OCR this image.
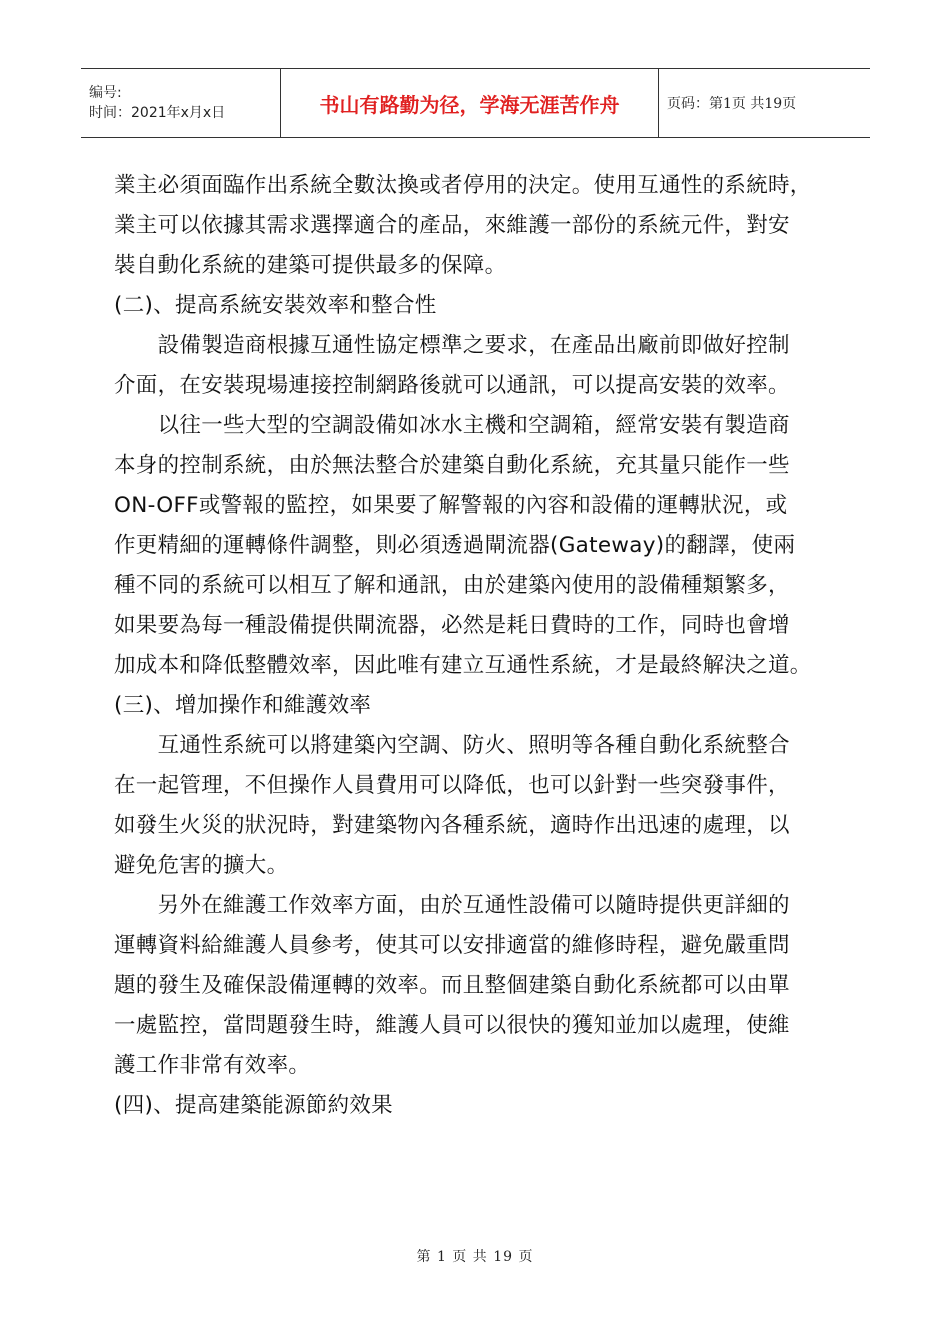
编号:
时间：2021年x月x日	书山有路勤为径，学海无涯苦作舟	页码：第1页 共19页
業主必須面臨作出系統全數汰換或者停用的決定。使用互通性的系統時，
業主可以依據其需求選擇適合的產品，來維護一部份的系統元件，對安
裝自動化系統的建築可提供最多的保障。
(二)、提高系統安裝效率和整合性
　　設備製造商根據互通性協定標準之要求，在產品出廠前即做好控制
介面，在安裝現場連接控制網路後就可以通訊，可以提高安裝的效率。
　　以往一些大型的空調設備如冰水主機和空調箱，經常安裝有製造商
本身的控制系統，由於無法整合於建築自動化系統，充其量只能作一些
ON-OFF或警報的監控，如果要了解警報的內容和設備的運轉狀況，或
作更精細的運轉條件調整，則必須透過閘流器(Gateway)的翻譯，使兩
種不同的系統可以相互了解和通訊，由於建築內使用的設備種類繁多，
如果要為每一種設備提供閘流器，必然是耗日費時的工作，同時也會增
加成本和降低整體效率，因此唯有建立互通性系統，才是最終解決之道。
(三)、增加操作和維護效率
　　互通性系統可以將建築內空調、防火、照明等各種自動化系統整合
在一起管理，不但操作人員費用可以降低，也可以針對一些突發事件，
如發生火災的狀況時，對建築物內各種系統，適時作出迅速的處理，以
避免危害的擴大。
　　另外在維護工作效率方面，由於互通性設備可以隨時提供更詳細的
運轉資料給維護人員參考，使其可以安排適當的維修時程，避免嚴重問
題的發生及確保設備運轉的效率。而且整個建築自動化系統都可以由單
一處監控，當問題發生時，維護人員可以很快的獲知並加以處理，使維
護工作非常有效率。
(四)、提高建築能源節約效果
第 1 页 共 19 页
